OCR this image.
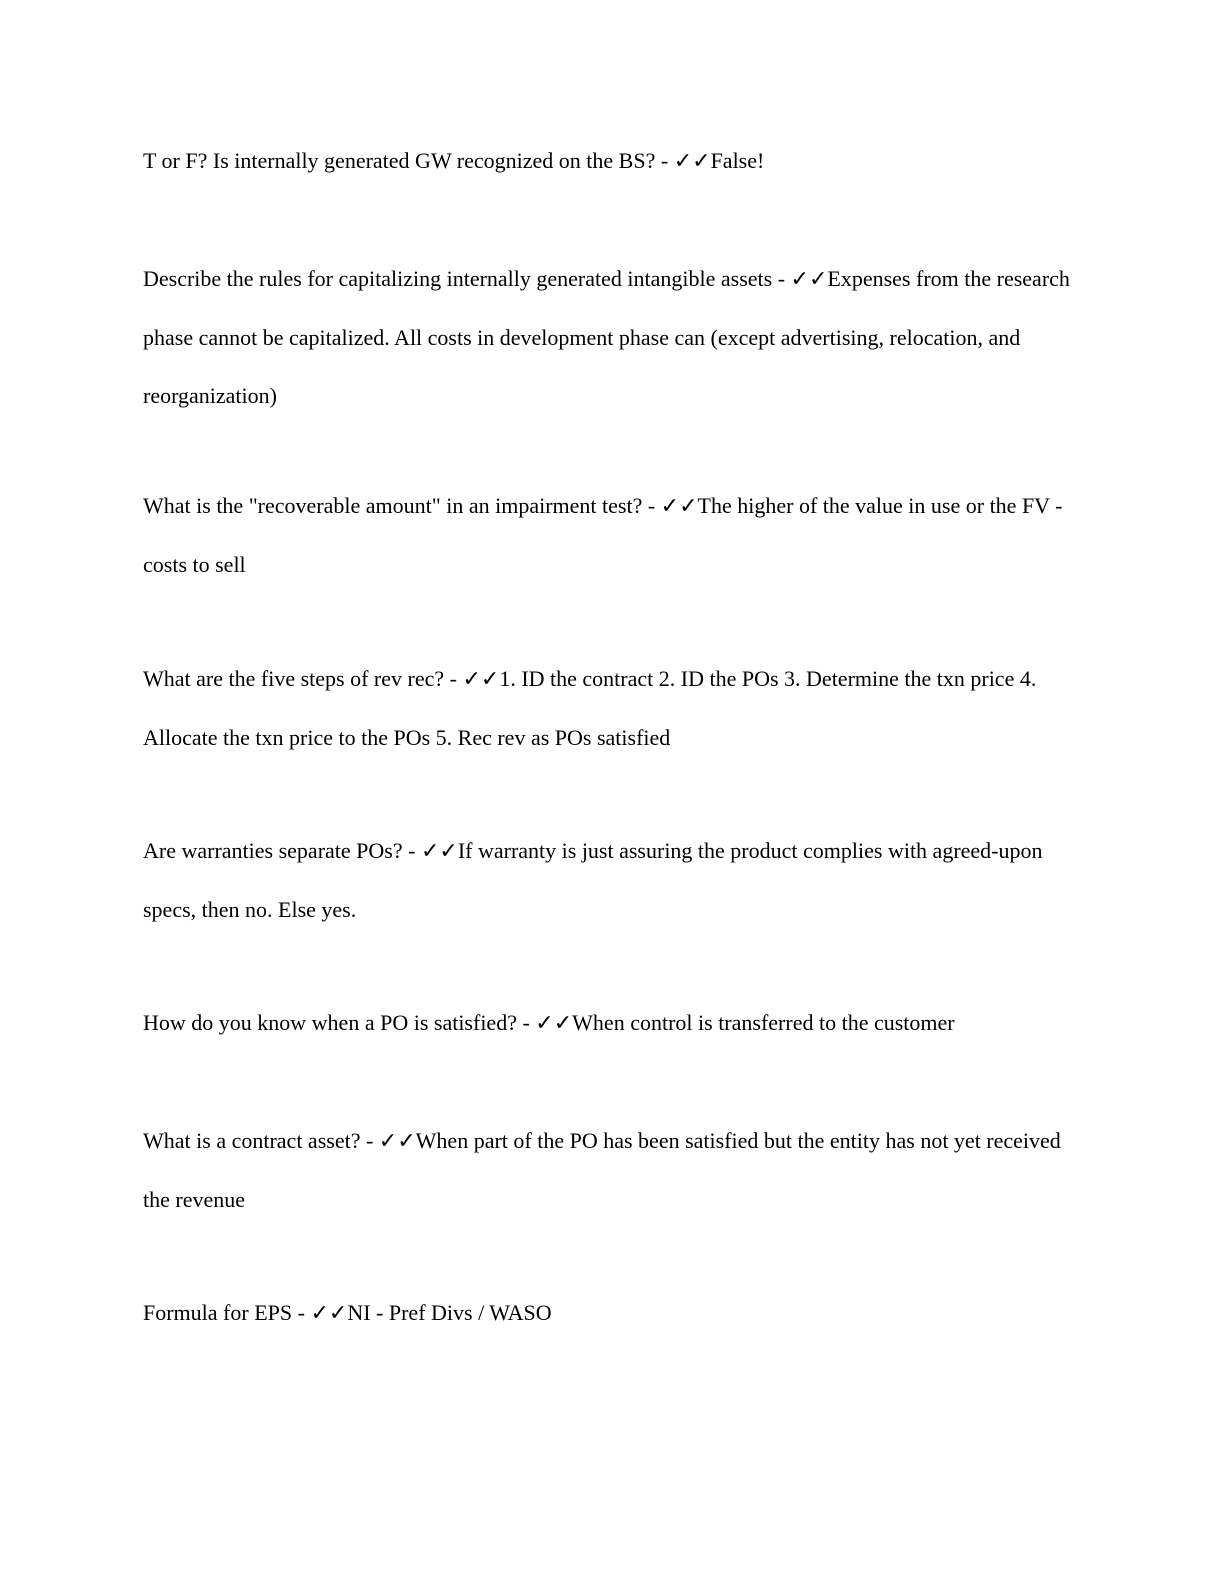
T or F? Is internally generated GW recognized on the BS? - ✓✓False!

Describe the rules for capitalizing internally generated intangible assets - ✓✓Expenses from the research phase cannot be capitalized. All costs in development phase can (except advertising, relocation, and reorganization)

What is the "recoverable amount" in an impairment test? - ✓✓The higher of the value in use or the FV - costs to sell

What are the five steps of rev rec? - ✓✓1. ID the contract 2. ID the POs 3. Determine the txn price 4. Allocate the txn price to the POs 5. Rec rev as POs satisfied

Are warranties separate POs? - ✓✓If warranty is just assuring the product complies with agreed-upon specs, then no. Else yes.

How do you know when a PO is satisfied? - ✓✓When control is transferred to the customer

What is a contract asset? - ✓✓When part of the PO has been satisfied but the entity has not yet received the revenue

Formula for EPS - ✓✓NI - Pref Divs / WASO
